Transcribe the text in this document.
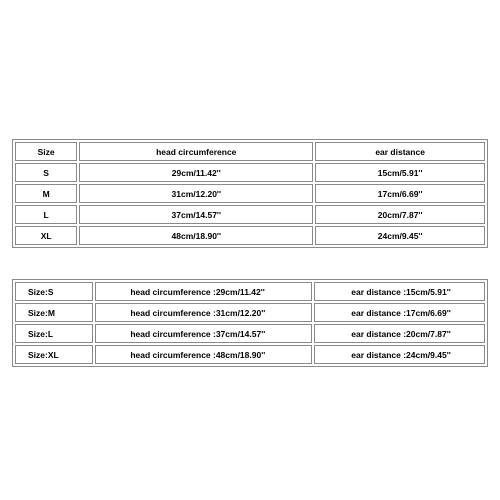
Size	head circumference	ear distance
S	29cm/11.42''	15cm/5.91''
M	31cm/12.20''	17cm/6.69''
L	37cm/14.57''	20cm/7.87''
XL	48cm/18.90''	24cm/9.45''
Size:S	head circumference :29cm/11.42''	ear distance :15cm/5.91''
Size:M	head circumference :31cm/12.20''	ear distance :17cm/6.69''
Size:L	head circumference :37cm/14.57''	ear distance :20cm/7.87''
Size:XL	head circumference :48cm/18.90''	ear distance :24cm/9.45''
